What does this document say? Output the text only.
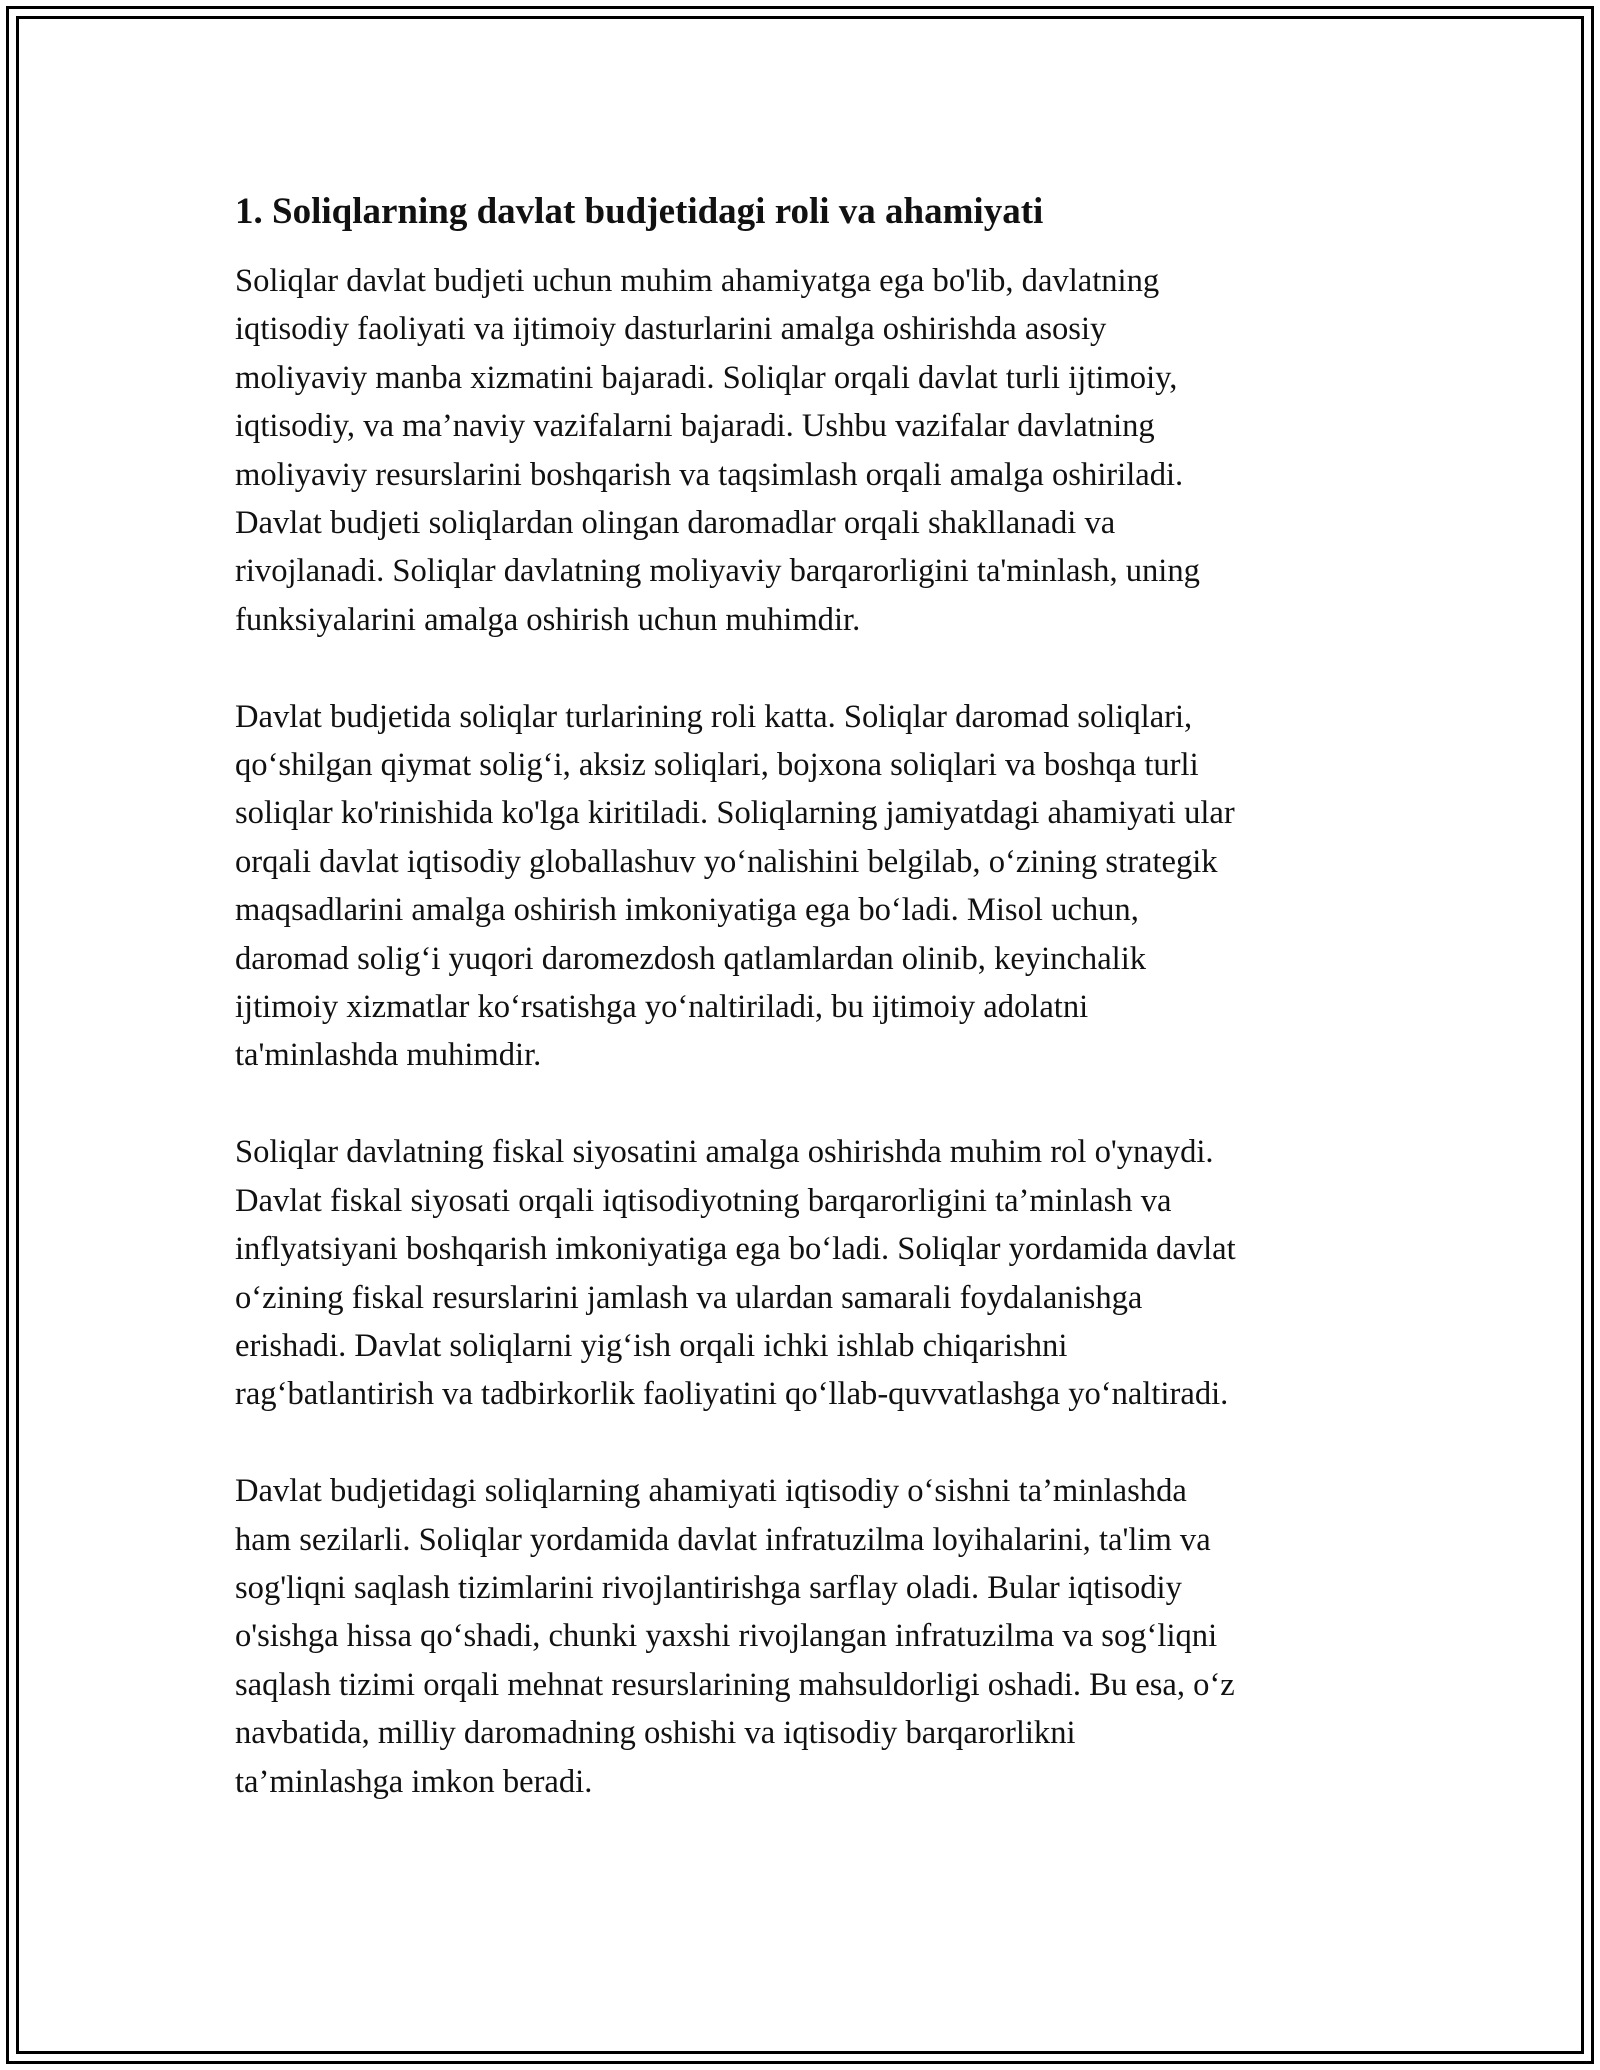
1. Soliqlarning davlat budjetidagi roli va ahamiyati

Soliqlar davlat budjeti uchun muhim ahamiyatga ega bo'lib, davlatning
iqtisodiy faoliyati va ijtimoiy dasturlarini amalga oshirishda asosiy
moliyaviy manba xizmatini bajaradi. Soliqlar orqali davlat turli ijtimoiy,
iqtisodiy, va ma’naviy vazifalarni bajaradi. Ushbu vazifalar davlatning
moliyaviy resurslarini boshqarish va taqsimlash orqali amalga oshiriladi.
Davlat budjeti soliqlardan olingan daromadlar orqali shakllanadi va
rivojlanadi. Soliqlar davlatning moliyaviy barqarorligini ta'minlash, uning
funksiyalarini amalga oshirish uchun muhimdir.

Davlat budjetida soliqlar turlarining roli katta. Soliqlar daromad soliqlari,
qo‘shilgan qiymat solig‘i, aksiz soliqlari, bojxona soliqlari va boshqa turli
soliqlar ko'rinishida ko'lga kiritiladi. Soliqlarning jamiyatdagi ahamiyati ular
orqali davlat iqtisodiy globallashuv yo‘nalishini belgilab, o‘zining strategik
maqsadlarini amalga oshirish imkoniyatiga ega bo‘ladi. Misol uchun,
daromad solig‘i yuqori daromezdosh qatlamlardan olinib, keyinchalik
ijtimoiy xizmatlar ko‘rsatishga yo‘naltiriladi, bu ijtimoiy adolatni
ta'minlashda muhimdir.

Soliqlar davlatning fiskal siyosatini amalga oshirishda muhim rol o'ynaydi.
Davlat fiskal siyosati orqali iqtisodiyotning barqarorligini ta’minlash va
inflyatsiyani boshqarish imkoniyatiga ega bo‘ladi. Soliqlar yordamida davlat
o‘zining fiskal resurslarini jamlash va ulardan samarali foydalanishga
erishadi. Davlat soliqlarni yig‘ish orqali ichki ishlab chiqarishni
rag‘batlantirish va tadbirkorlik faoliyatini qo‘llab-quvvatlashga yo‘naltiradi.

Davlat budjetidagi soliqlarning ahamiyati iqtisodiy o‘sishni ta’minlashda
ham sezilarli. Soliqlar yordamida davlat infratuzilma loyihalarini, ta'lim va
sog'liqni saqlash tizimlarini rivojlantirishga sarflay oladi. Bular iqtisodiy
o'sishga hissa qo‘shadi, chunki yaxshi rivojlangan infratuzilma va sog‘liqni
saqlash tizimi orqali mehnat resurslarining mahsuldorligi oshadi. Bu esa, o‘z
navbatida, milliy daromadning oshishi va iqtisodiy barqarorlikni
ta’minlashga imkon beradi.
